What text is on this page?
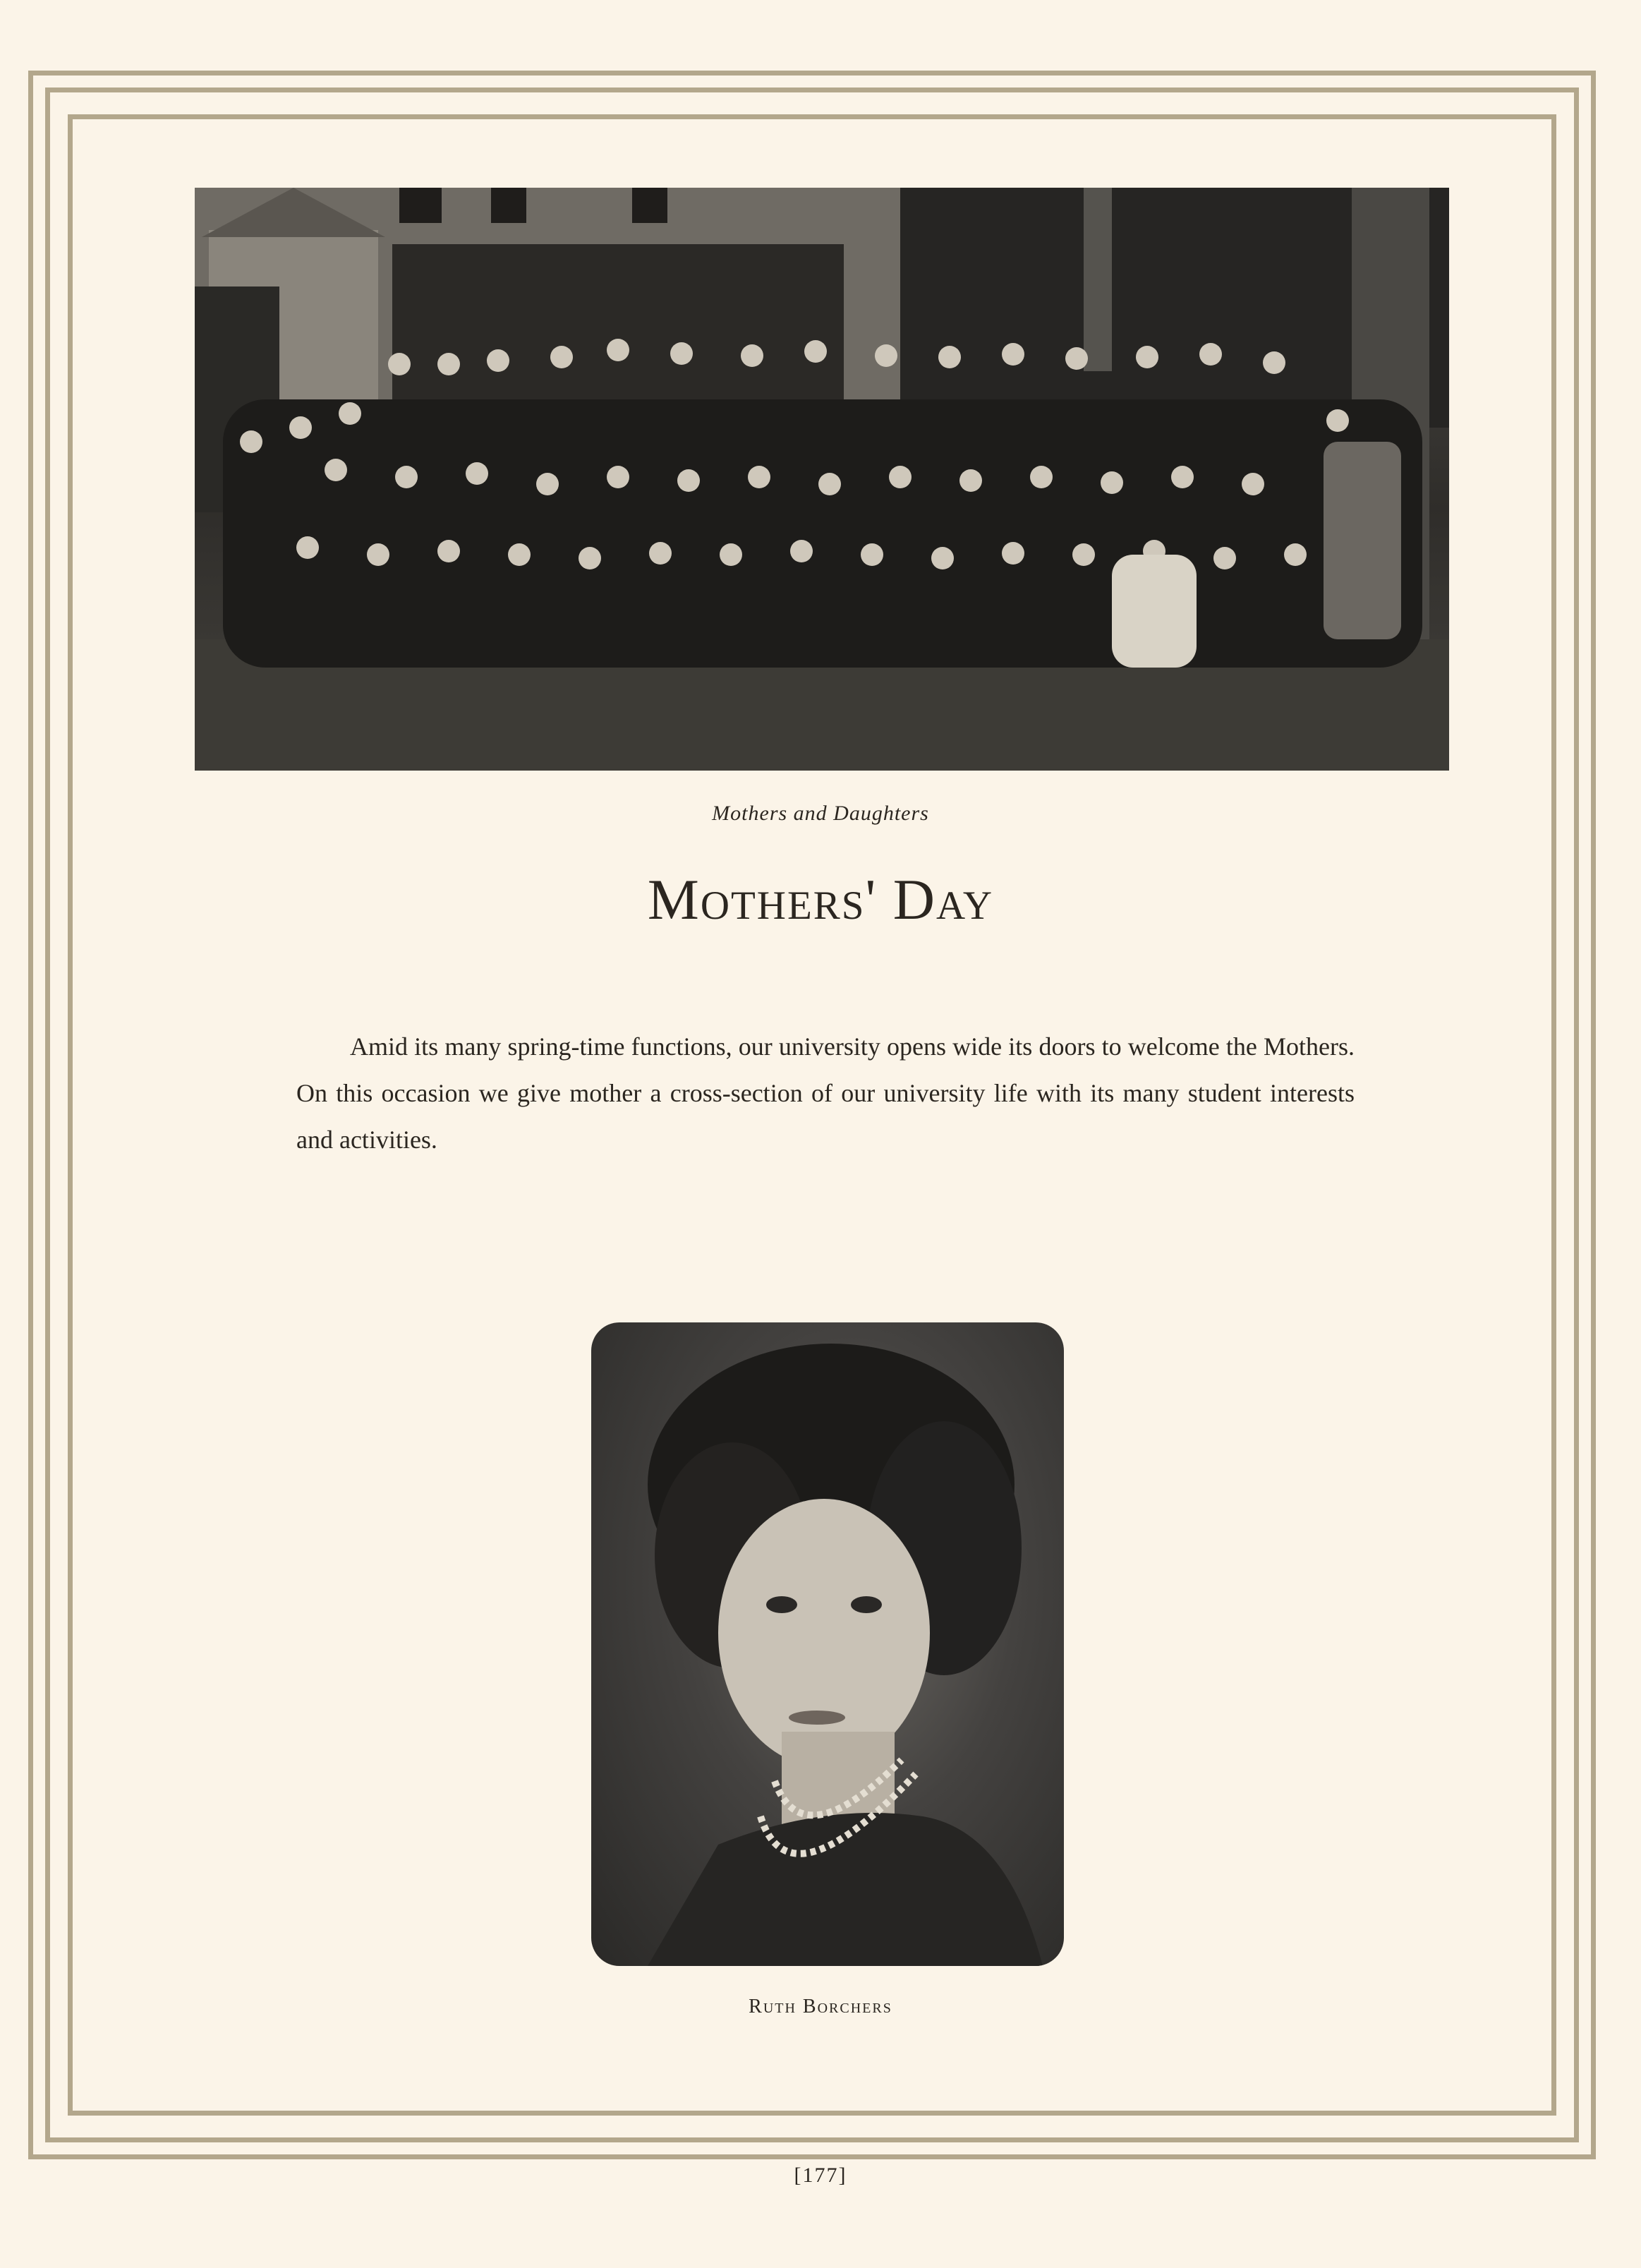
Mothers and Daughters
Mothers' Day
Amid its many spring-time functions, our university opens wide its doors to welcome the Mothers. On this occasion we give mother a cross-section of our university life with its many student interests and activities.
Ruth Borchers
[177]
